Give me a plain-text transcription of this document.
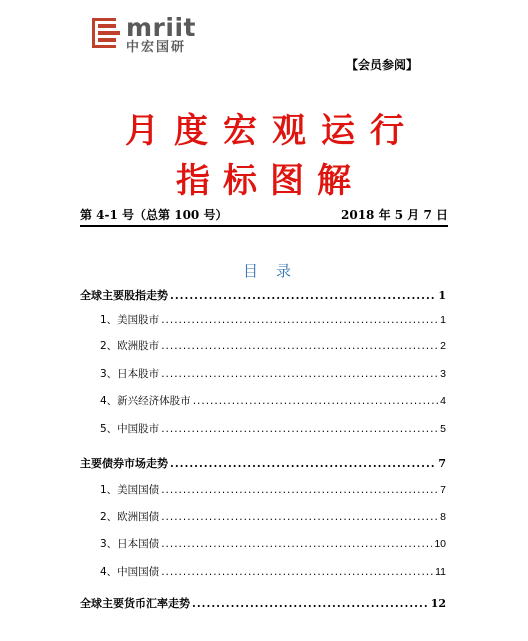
mriit
中宏国研
【会员参阅】
月度宏观运行
指标图解
第 4-1 号（总第 100 号）	2018 年 5 月 7 日
目录
全球主要股指走势 .....	1
1、美国股市 .....	1
2、欧洲股市 .....	2
3、日本股市 .....	3
4、新兴经济体股市 .....	4
5、中国股市 .....	5
主要债券市场走势 .....	7
1、美国国债 .....	7
2、欧洲国债 .....	8
3、日本国债 .....	10
4、中国国债 .....	11
全球主要货币汇率走势 .....	12
